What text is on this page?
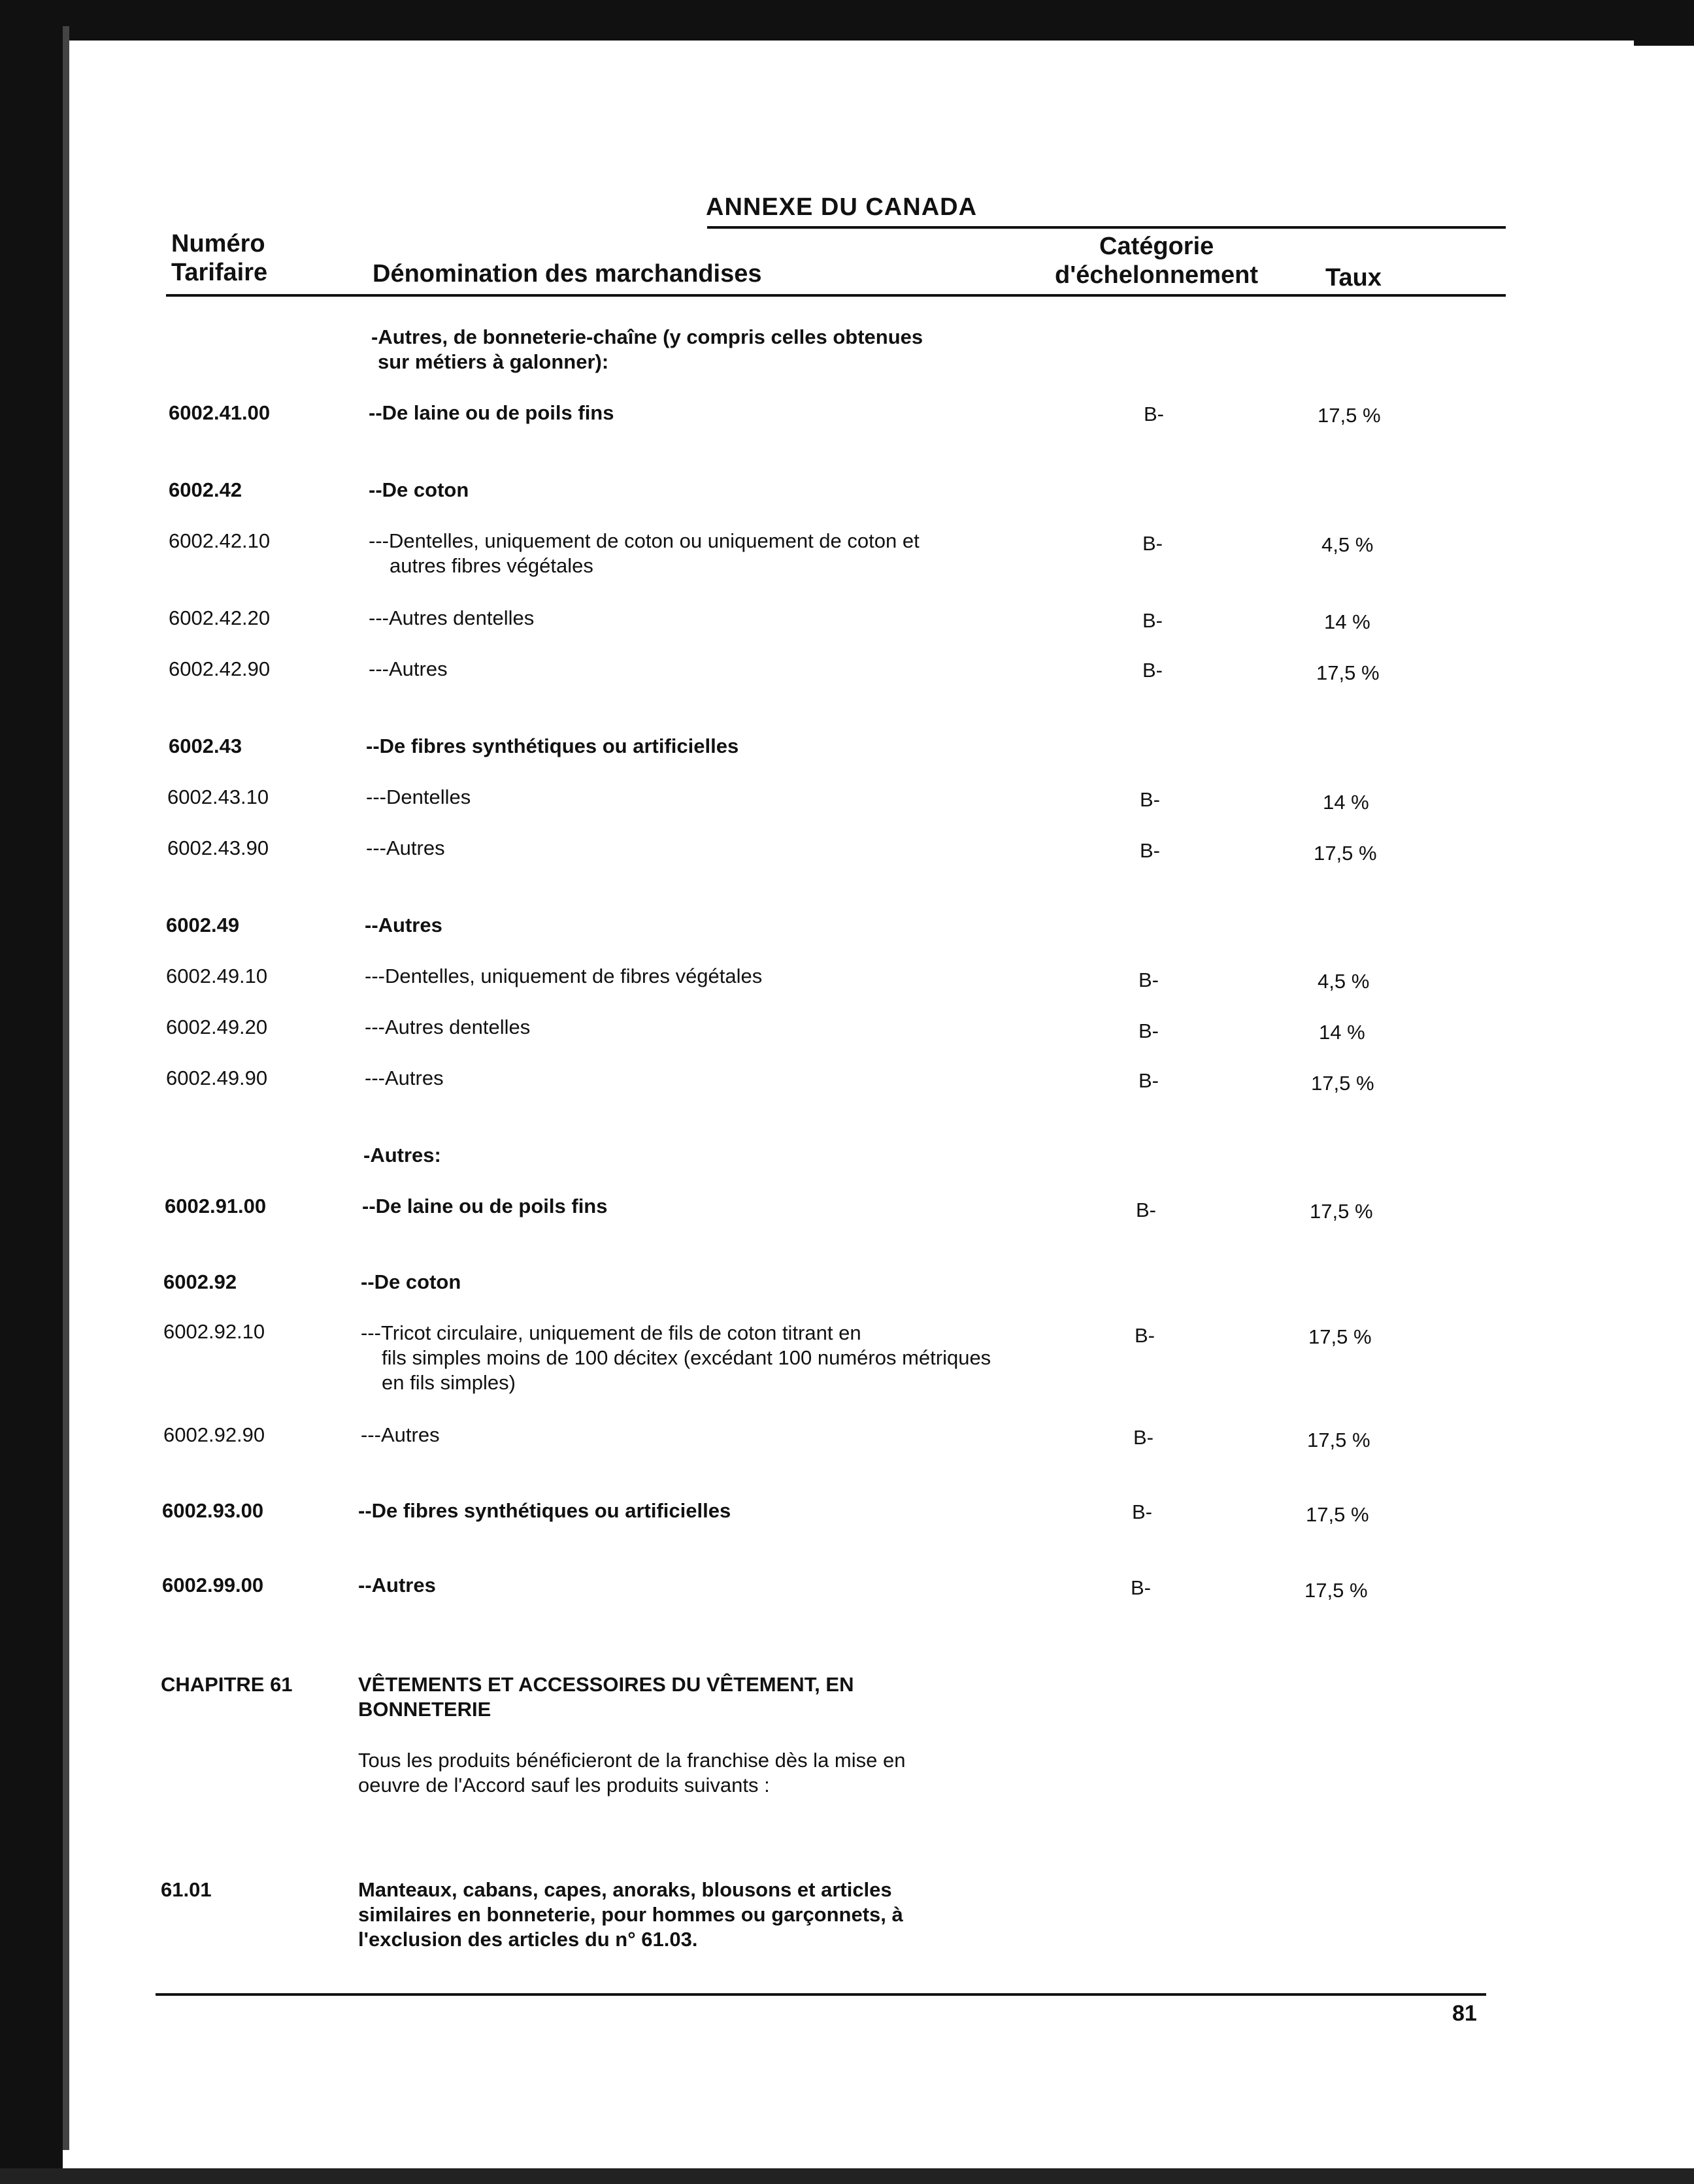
ANNEXE DU CANADA
Numéro
Tarifaire	Dénomination des marchandises
Catégorie
d'échelonnement	Taux
-Autres, de bonneterie-chaîne (y compris celles obtenues
sur métiers à galonner):
6002.41.00	--De laine ou de poils fins	B-	17,5 %
6002.42	--De coton
6002.42.10	---Dentelles, uniquement de coton ou uniquement de coton et
autres fibres végétales
B-	4,5 %
6002.42.20	---Autres dentelles	B-	14 %
6002.42.90	---Autres	B-	17,5 %
6002.43	--De fibres synthétiques ou artificielles
6002.43.10	---Dentelles	B-	14 %
6002.43.90	---Autres	B-	17,5 %
6002.49	--Autres
6002.49.10	---Dentelles, uniquement de fibres végétales	B-	4,5 %
6002.49.20	---Autres dentelles	B-	14 %
6002.49.90	---Autres	B-	17,5 %
-Autres:
6002.91.00	--De laine ou de poils fins	B-	17,5 %
6002.92	--De coton
6002.92.10	---Tricot circulaire, uniquement de fils de coton titrant en
fils simples moins de 100 décitex (excédant 100 numéros métriques
en fils simples)
B-	17,5 %
6002.92.90	---Autres	B-	17,5 %
6002.93.00	--De fibres synthétiques ou artificielles	B-	17,5 %
6002.99.00	--Autres	B-	17,5 %
CHAPITRE 61	VÊTEMENTS ET ACCESSOIRES DU VÊTEMENT, EN
BONNETERIE
Tous les produits bénéficieront de la franchise dès la mise en
oeuvre de l'Accord sauf les produits suivants :
61.01	Manteaux, cabans, capes, anoraks, blousons et articles
similaires en bonneterie, pour hommes ou garçonnets, à
l'exclusion des articles du n° 61.03.
81
